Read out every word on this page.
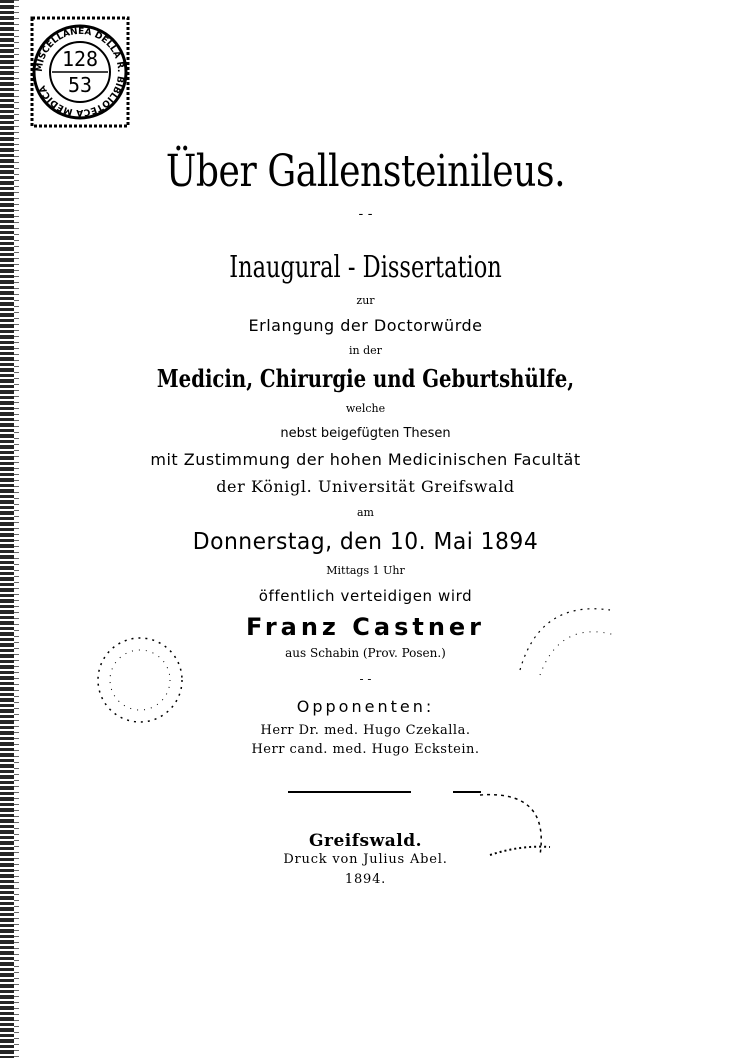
MISCELLANEA DELLA R. BIBLIOTECA MEDICA
128
53
Über Gallensteinileus.
- -
Inaugural - Dissertation
zur
Erlangung der Doctorwürde
in der
Medicin, Chirurgie und Geburtshülfe,
welche
nebst beigefügten Thesen
mit Zustimmung der hohen Medicinischen Facultät
der Königl. Universität Greifswald
am
Donnerstag, den 10. Mai 1894
Mittags 1 Uhr
öffentlich verteidigen wird
Franz Castner
aus Schabin (Prov. Posen.)
- -
Opponenten:
Herr Dr. med. Hugo Czekalla.
Herr cand. med. Hugo Eckstein.
Greifswald.
Druck von Julius Abel.
1894.
